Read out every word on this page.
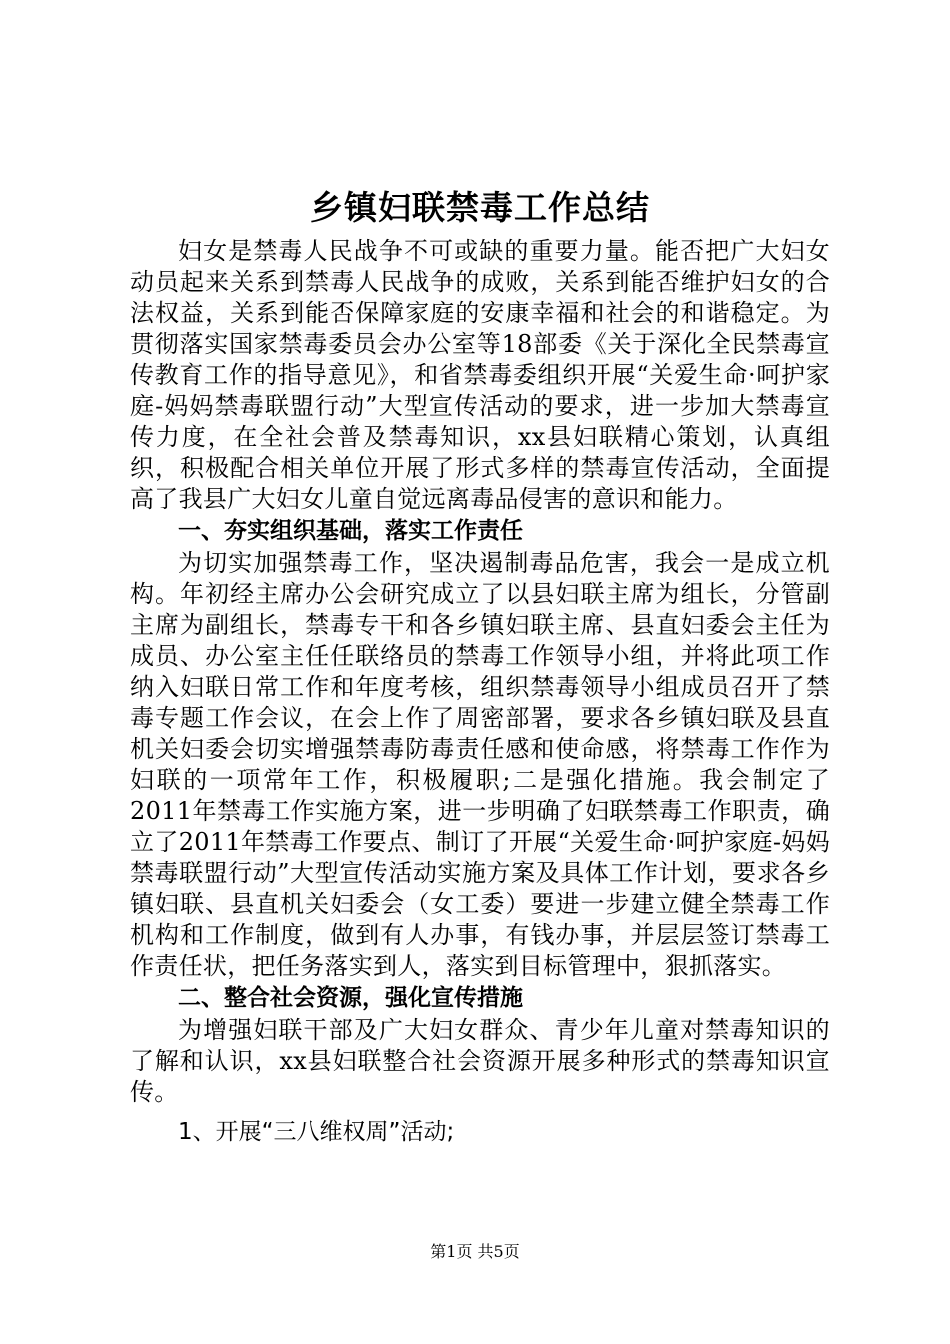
乡镇妇联禁毒工作总结

妇女是禁毒人民战争不可或缺的重要力量。能否把广大妇女动员起来关系到禁毒人民战争的成败，关系到能否维护妇女的合法权益，关系到能否保障家庭的安康幸福和社会的和谐稳定。为贯彻落实国家禁毒委员会办公室等18部委《关于深化全民禁毒宣传教育工作的指导意见》，和省禁毒委组织开展“关爱生命·呵护家庭-妈妈禁毒联盟行动”大型宣传活动的要求，进一步加大禁毒宣传力度，在全社会普及禁毒知识，xx县妇联精心策划，认真组织，积极配合相关单位开展了形式多样的禁毒宣传活动，全面提高了我县广大妇女儿童自觉远离毒品侵害的意识和能力。

一、夯实组织基础，落实工作责任

为切实加强禁毒工作，坚决遏制毒品危害，我会一是成立机构。年初经主席办公会研究成立了以县妇联主席为组长，分管副主席为副组长，禁毒专干和各乡镇妇联主席、县直妇委会主任为成员、办公室主任任联络员的禁毒工作领导小组，并将此项工作纳入妇联日常工作和年度考核，组织禁毒领导小组成员召开了禁毒专题工作会议，在会上作了周密部署，要求各乡镇妇联及县直机关妇委会切实增强禁毒防毒责任感和使命感，将禁毒工作作为妇联的一项常年工作，积极履职;二是强化措施。我会制定了2011年禁毒工作实施方案，进一步明确了妇联禁毒工作职责，确立了2011年禁毒工作要点、制订了开展“关爱生命·呵护家庭-妈妈禁毒联盟行动”大型宣传活动实施方案及具体工作计划，要求各乡镇妇联、县直机关妇委会（女工委）要进一步建立健全禁毒工作机构和工作制度，做到有人办事，有钱办事，并层层签订禁毒工作责任状，把任务落实到人，落实到目标管理中，狠抓落实。

二、整合社会资源，强化宣传措施

为增强妇联干部及广大妇女群众、青少年儿童对禁毒知识的了解和认识，xx县妇联整合社会资源开展多种形式的禁毒知识宣传。

1、开展“三八维权周”活动;

第1页 共5页
